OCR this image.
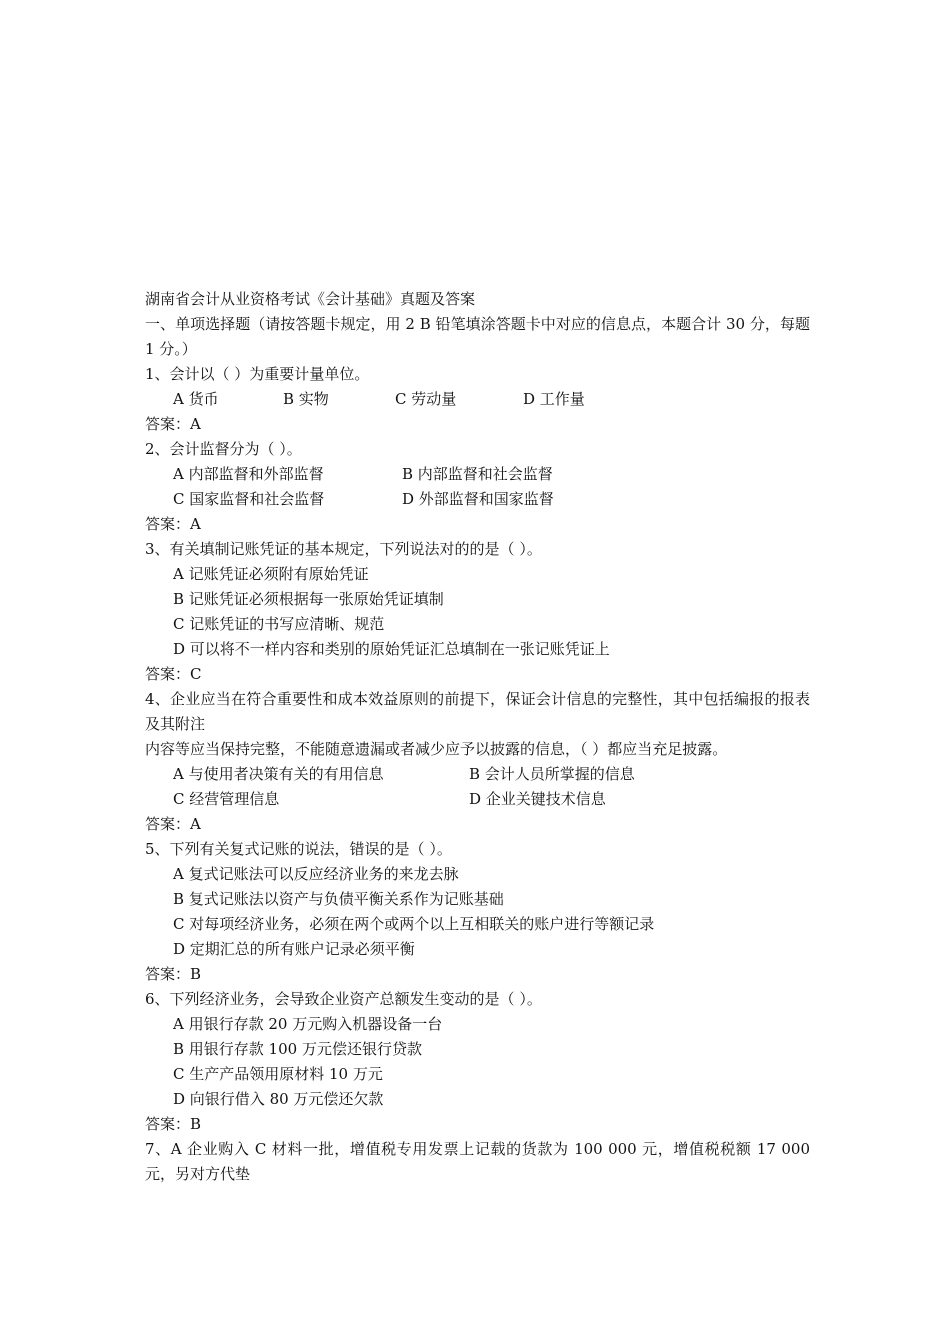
湖南省会计从业资格考试《会计基础》真题及答案
一、单项选择题（请按答题卡规定，用 2 B 铅笔填涂答题卡中对应的信息点，本题合计 30 分，每题 1 分。）
1、会计以（ ）为重要计量单位。
A 货币	B 实物	C 劳动量	D 工作量
答案：A
2、会计监督分为（ ）。
A 内部监督和外部监督	B 内部监督和社会监督
C 国家监督和社会监督	D 外部监督和国家监督
答案：A
3、有关填制记账凭证的基本规定，下列说法对的的是（ ）。
A 记账凭证必须附有原始凭证
B 记账凭证必须根据每一张原始凭证填制
C 记账凭证的书写应清晰、规范
D 可以将不一样内容和类别的原始凭证汇总填制在一张记账凭证上
答案：C
4、企业应当在符合重要性和成本效益原则的前提下，保证会计信息的完整性，其中包括编报的报表及其附注
内容等应当保持完整，不能随意遗漏或者减少应予以披露的信息，（ ）都应当充足披露。
A 与使用者决策有关的有用信息	B 会计人员所掌握的信息
C 经营管理信息	D 企业关键技术信息
答案：A
5、下列有关复式记账的说法，错误的是（ ）。
A 复式记账法可以反应经济业务的来龙去脉
B 复式记账法以资产与负债平衡关系作为记账基础
C 对每项经济业务，必须在两个或两个以上互相联关的账户进行等额记录
D 定期汇总的所有账户记录必须平衡
答案：B
6、下列经济业务，会导致企业资产总额发生变动的是（ ）。
A 用银行存款 20 万元购入机器设备一台
B 用银行存款 100 万元偿还银行贷款
C 生产产品领用原材料 10 万元
D 向银行借入 80 万元偿还欠款
答案：B
7、A 企业购入 C 材料一批，增值税专用发票上记载的货款为 100 000 元，增值税税额 17 000 元，另对方代垫
